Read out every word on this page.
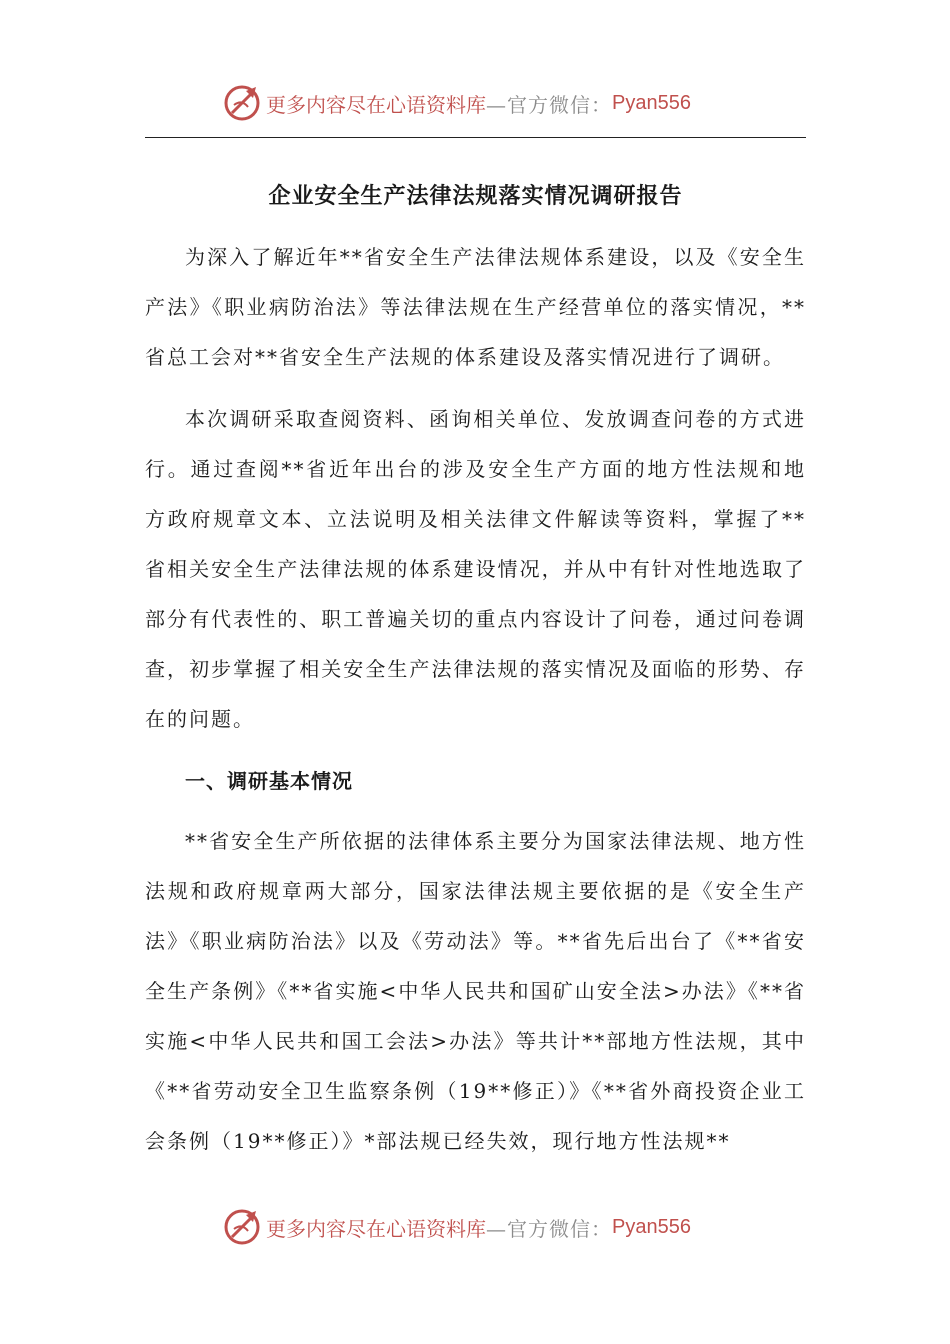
更多内容尽在心语资料库 —官方微信： Pyan556
企业安全生产法律法规落实情况调研报告

为深入了解近年**省安全生产法律法规体系建设，以及《安全生产法》《职业病防治法》等法律法规在生产经营单位的落实情况，**省总工会对**省安全生产法规的体系建设及落实情况进行了调研。

本次调研采取查阅资料、函询相关单位、发放调查问卷的方式进行。通过查阅**省近年出台的涉及安全生产方面的地方性法规和地方政府规章文本、立法说明及相关法律文件解读等资料，掌握了**省相关安全生产法律法规的体系建设情况，并从中有针对性地选取了部分有代表性的、职工普遍关切的重点内容设计了问卷，通过问卷调查，初步掌握了相关安全生产法律法规的落实情况及面临的形势、存在的问题。

一、调研基本情况

**省安全生产所依据的法律体系主要分为国家法律法规、地方性法规和政府规章两大部分，国家法律法规主要依据的是《安全生产法》《职业病防治法》以及《劳动法》等。**省先后出台了《**省安全生产条例》《**省实施<中华人民共和国矿山安全法>办法》《**省实施<中华人民共和国工会法>办法》等共计**部地方性法规，其中《**省劳动安全卫生监察条例（19**修正）》《**省外商投资企业工会条例（19**修正）》*部法规已经失效，现行地方性法规**

更多内容尽在心语资料库 —官方微信： Pyan556
